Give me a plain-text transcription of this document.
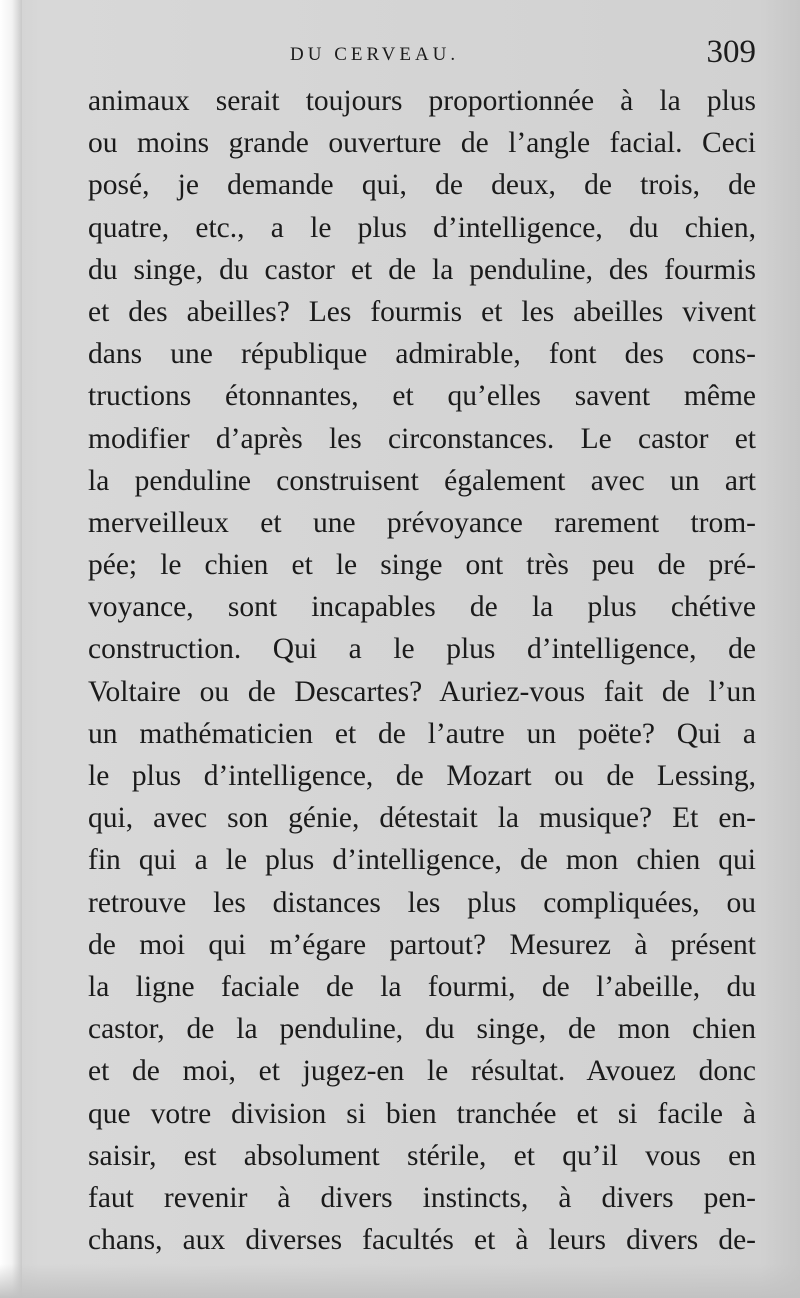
DU CERVEAU.	309
animaux serait toujours proportionnée à la plus
ou moins grande ouverture de l’angle facial. Ceci
posé, je demande qui, de deux, de trois, de
quatre, etc., a le plus d’intelligence, du chien,
du singe, du castor et de la penduline, des fourmis
et des abeilles? Les fourmis et les abeilles vivent
dans une république admirable, font des cons-
tructions étonnantes, et qu’elles savent même
modifier d’après les circonstances. Le castor et
la penduline construisent également avec un art
merveilleux et une prévoyance rarement trom-
pée; le chien et le singe ont très peu de pré-
voyance, sont incapables de la plus chétive
construction. Qui a le plus d’intelligence, de
Voltaire ou de Descartes? Auriez-vous fait de l’un
un mathématicien et de l’autre un poëte? Qui a
le plus d’intelligence, de Mozart ou de Lessing,
qui, avec son génie, détestait la musique? Et en-
fin qui a le plus d’intelligence, de mon chien qui
retrouve les distances les plus compliquées, ou
de moi qui m’égare partout? Mesurez à présent
la ligne faciale de la fourmi, de l’abeille, du
castor, de la penduline, du singe, de mon chien
et de moi, et jugez-en le résultat. Avouez donc
que votre division si bien tranchée et si facile à
saisir, est absolument stérile, et qu’il vous en
faut revenir à divers instincts, à divers pen-
chans, aux diverses facultés et à leurs divers de-
